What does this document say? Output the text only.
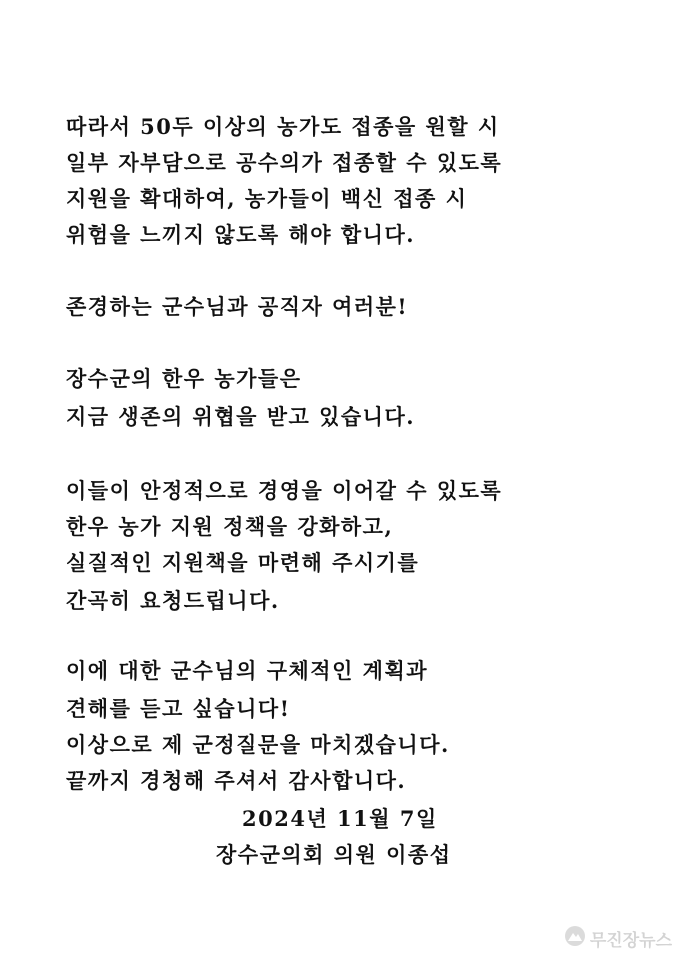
따라서 50두 이상의 농가도 접종을 원할 시
일부 자부담으로 공수의가 접종할 수 있도록
지원을 확대하여, 농가들이 백신 접종 시
위험을 느끼지 않도록 해야 합니다.
존경하는 군수님과 공직자 여러분!
장수군의 한우 농가들은
지금 생존의 위협을 받고 있습니다.
이들이 안정적으로 경영을 이어갈 수 있도록
한우 농가 지원 정책을 강화하고,
실질적인 지원책을 마련해 주시기를
간곡히 요청드립니다.
이에 대한 군수님의 구체적인 계획과
견해를 듣고 싶습니다!
이상으로 제 군정질문을 마치겠습니다.
끝까지 경청해 주셔서 감사합니다.
2024년 11월 7일
장수군의회 의원 이종섭
무진장뉴스
